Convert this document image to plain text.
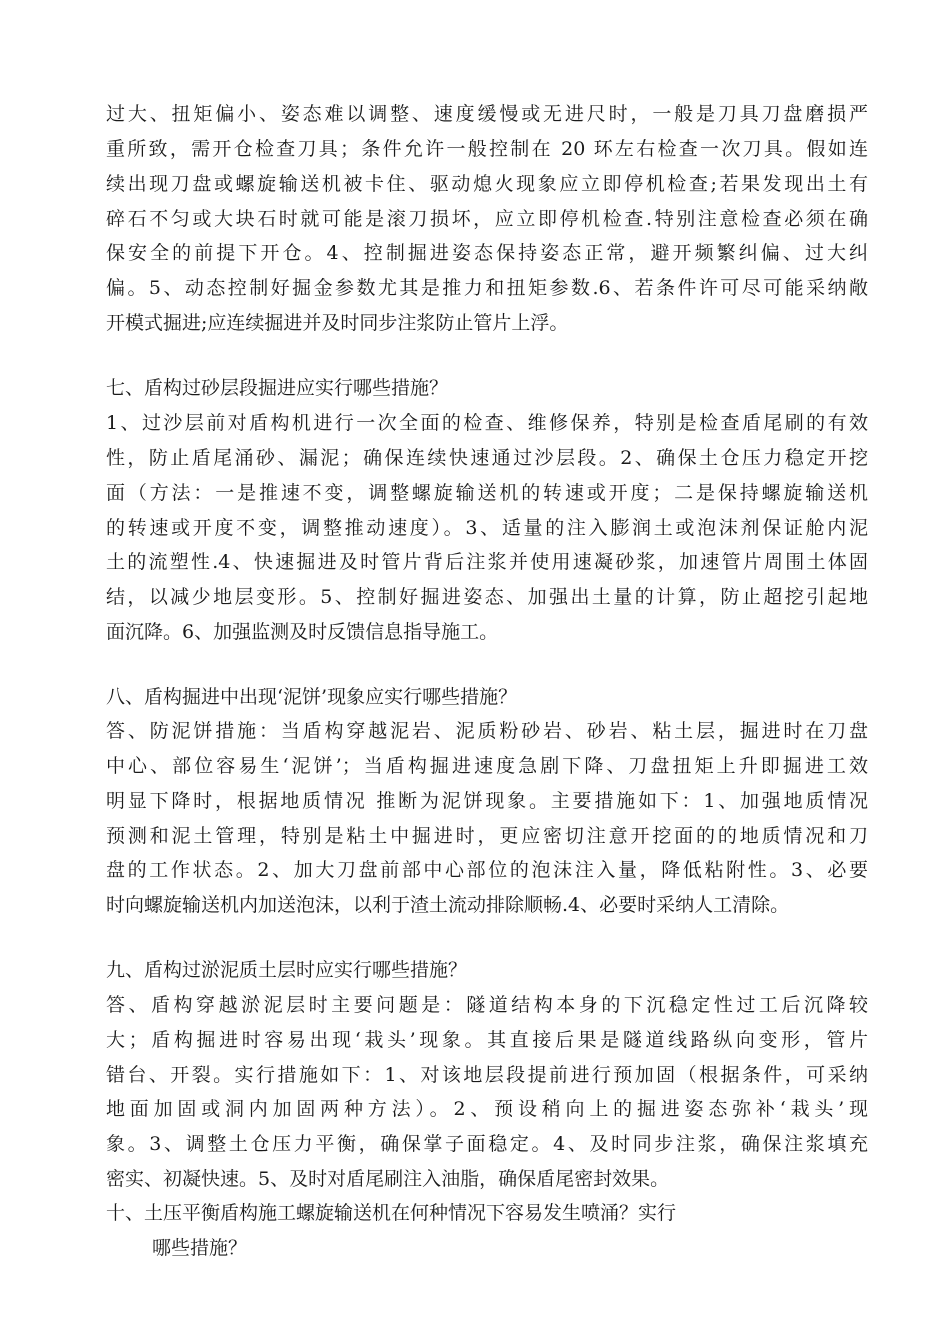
过大、扭矩偏小、姿态难以调整、速度缓慢或无进尺时，一般是刀具刀盘磨损严
重所致，需开仓检查刀具；条件允许一般控制在 20 环左右检查一次刀具。假如连
续出现刀盘或螺旋输送机被卡住、驱动熄火现象应立即停机检查;若果发现出土有
碎石不匀或大块石时就可能是滚刀损坏，应立即停机检查.特别注意检查必须在确
保安全的前提下开仓。4、控制掘进姿态保持姿态正常，避开频繁纠偏、过大纠
偏。5、动态控制好掘金参数尤其是推力和扭矩参数.6、若条件许可尽可能采纳敞
开模式掘进;应连续掘进并及时同步注浆防止管片上浮。
七、盾构过砂层段掘进应实行哪些措施？
1、过沙层前对盾构机进行一次全面的检查、维修保养，特别是检查盾尾刷的有效
性，防止盾尾涌砂、漏泥；确保连续快速通过沙层段。2、确保土仓压力稳定开挖
面（方法：一是推速不变，调整螺旋输送机的转速或开度；二是保持螺旋输送机
的转速或开度不变，调整推动速度）。3、适量的注入膨润土或泡沫剂保证舱内泥
土的流塑性.4、快速掘进及时管片背后注浆并使用速凝砂浆，加速管片周围土体固
结，以减少地层变形。5、控制好掘进姿态、加强出土量的计算，防止超挖引起地
面沉降。6、加强监测及时反馈信息指导施工。
八、盾构掘进中出现‘泥饼’现象应实行哪些措施？
答、防泥饼措施：当盾构穿越泥岩、泥质粉砂岩、砂岩、粘土层，掘进时在刀盘
中心、部位容易生‘泥饼’；当盾构掘进速度急剧下降、刀盘扭矩上升即掘进工效
明显下降时，根据地质情况 推断为泥饼现象。主要措施如下：1、加强地质情况
预测和泥土管理，特别是粘土中掘进时，更应密切注意开挖面的的地质情况和刀
盘的工作状态。2、加大刀盘前部中心部位的泡沫注入量，降低粘附性。3、必要
时向螺旋输送机内加送泡沫，以利于渣土流动排除顺畅.4、必要时采纳人工清除。
九、盾构过淤泥质土层时应实行哪些措施？
答、盾构穿越淤泥层时主要问题是：隧道结构本身的下沉稳定性过工后沉降较
大；盾构掘进时容易出现‘栽头’现象。其直接后果是隧道线路纵向变形，管片
错台、开裂。实行措施如下：1、对该地层段提前进行预加固（根据条件，可采纳
地面加固或洞内加固两种方法）。2、预设稍向上的掘进姿态弥补‘栽头’现
象。3、调整土仓压力平衡，确保掌子面稳定。4、及时同步注浆，确保注浆填充
密实、初凝快速。5、及时对盾尾刷注入油脂，确保盾尾密封效果。
十、土压平衡盾构施工螺旋输送机在何种情况下容易发生喷涌？实行
哪些措施？
